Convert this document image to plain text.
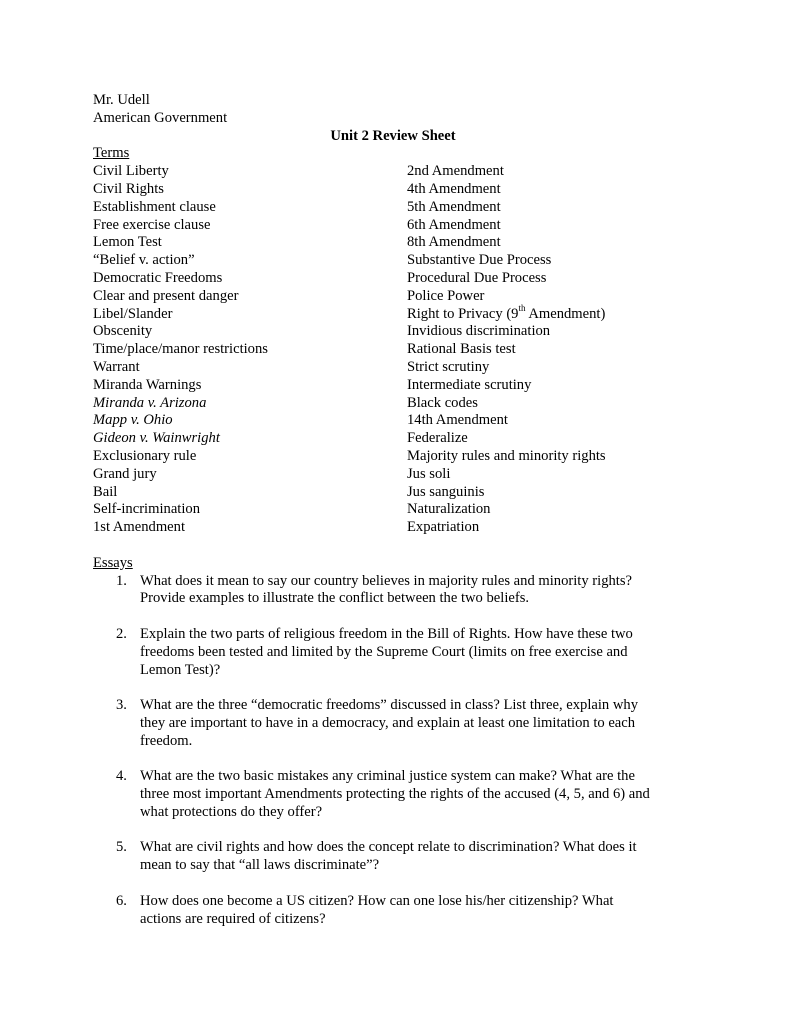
Mr. Udell
American Government
Unit 2 Review Sheet
Terms
Civil Liberty	2nd Amendment
Civil Rights	4th Amendment
Establishment clause	5th Amendment
Free exercise clause	6th Amendment
Lemon Test	8th Amendment
“Belief v. action”	Substantive Due Process
Democratic Freedoms	Procedural Due Process
Clear and present danger	Police Power
Libel/Slander	Right to Privacy (9th Amendment)
Obscenity	Invidious discrimination
Time/place/manor restrictions	Rational Basis test
Warrant	Strict scrutiny
Miranda Warnings	Intermediate scrutiny
Miranda v. Arizona	Black codes
Mapp v. Ohio	14th Amendment
Gideon v. Wainwright	Federalize
Exclusionary rule	Majority rules and minority rights
Grand jury	Jus soli
Bail	Jus sanguinis
Self-incrimination	Naturalization
1st Amendment	Expatriation
Essays
1. What does it mean to say our country believes in majority rules and minority rights?
Provide examples to illustrate the conflict between the two beliefs.
2. Explain the two parts of religious freedom in the Bill of Rights. How have these two
freedoms been tested and limited by the Supreme Court (limits on free exercise and
Lemon Test)?
3. What are the three “democratic freedoms” discussed in class? List three, explain why
they are important to have in a democracy, and explain at least one limitation to each
freedom.
4. What are the two basic mistakes any criminal justice system can make? What are the
three most important Amendments protecting the rights of the accused (4, 5, and 6) and
what protections do they offer?
5. What are civil rights and how does the concept relate to discrimination? What does it
mean to say that “all laws discriminate”?
6. How does one become a US citizen? How can one lose his/her citizenship? What
actions are required of citizens?
